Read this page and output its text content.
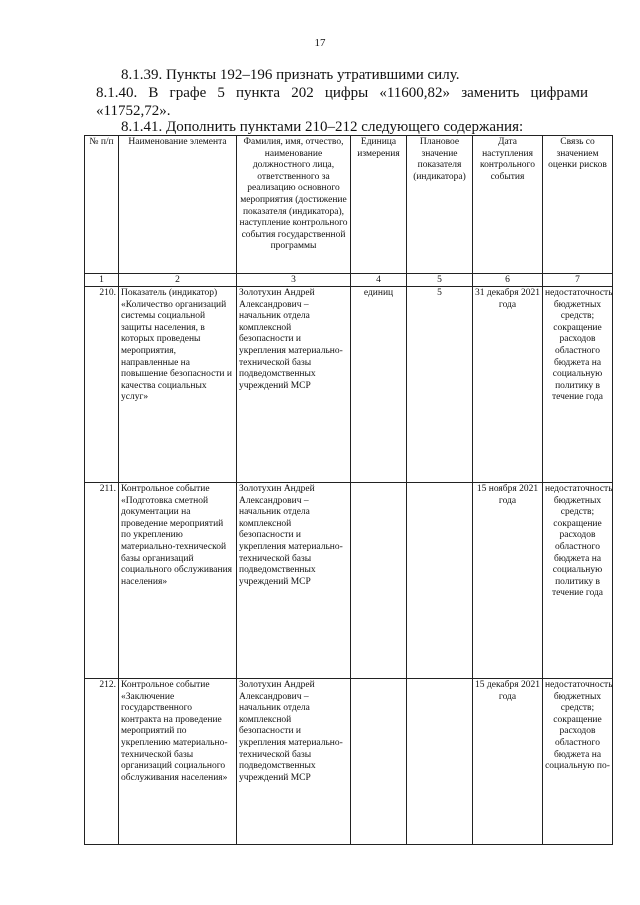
17
8.1.39. Пункты 192–196 признать утратившими силу.
8.1.40. В графе 5 пункта 202 цифры «11600,82» заменить цифрами
«11752,72».
8.1.41. Дополнить пунктами 210–212 следующего содержания:
№ п/п	Наименование элемента	Фамилия, имя, отчество, наименование должностного лица, ответственного за реализацию основного мероприятия (достижение показателя (индикатора), наступление контрольного события государственной программы	Единица измерения	Плановое значение показателя (индикатора)	Дата наступления контрольного события	Связь со значением оценки рисков
1	2	3	4	5	6	7
210.	Показатель (индикатор) «Количество организаций системы социальной защиты населения, в которых проведены мероприятия, направленные на повышение безопасности и качества социальных услуг»	Золотухин Андрей Александрович – начальник отдела комплексной безопасности и укрепления материально-технической базы подведомственных учреждений МСР	единиц	5	31 декабря 2021 года	недостаточность бюджетных средств; сокращение расходов областного бюджета на социальную политику в течение года
211.	Контрольное событие «Подготовка сметной документации на проведение мероприятий по укреплению материально-технической базы организаций социального обслуживания населения»	Золотухин Андрей Александрович – начальник отдела комплексной безопасности и укрепления материально-технической базы подведомственных учреждений МСР			15 ноября 2021 года	недостаточность бюджетных средств; сокращение расходов областного бюджета на социальную политику в течение года
212.	Контрольное событие «Заключение государственного контракта на проведение мероприятий по укреплению материально-технической базы организаций социального обслуживания населения»	Золотухин Андрей Александрович – начальник отдела комплексной безопасности и укрепления материально-технической базы подведомственных учреждений МСР			15 декабря 2021 года	недостаточность бюджетных средств; сокращение расходов областного бюджета на социальную по-
